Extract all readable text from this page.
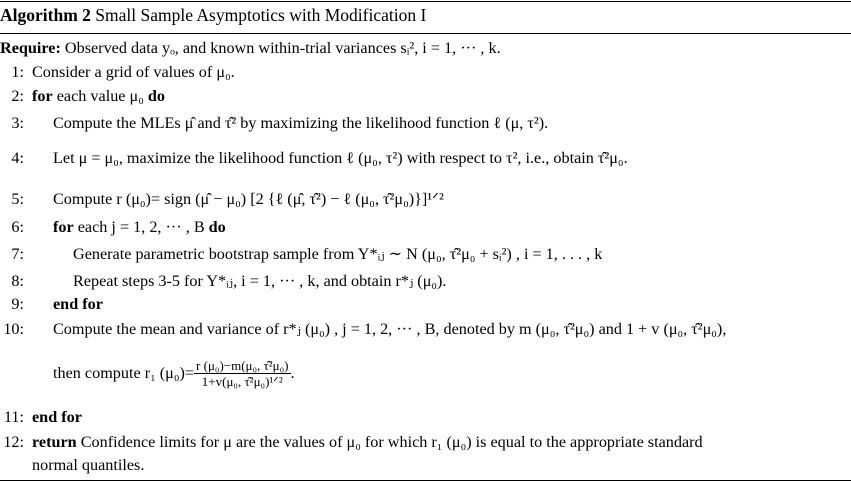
Algorithm 2 Small Sample Asymptotics with Modification I
Require: Observed data yₒ, and known within-trial variances sᵢ², i = 1, ··· , k.
1: Consider a grid of values of μ₀.
2: for each value μ₀ do
3: Compute the MLEs μ̂ and τ̂² by maximizing the likelihood function ℓ (μ, τ²).
4: Let μ = μ₀, maximize the likelihood function ℓ (μ₀, τ²) with respect to τ², i.e., obtain τ̂²μ₀.
5: Compute r (μ₀)= sign (μ̂ − μ₀) [2 {ℓ (μ̂, τ̂²) − ℓ (μ₀, τ̂²μ₀)}]¹ᐟ²
6: for each j = 1, 2, ··· , B do
7:	Generate parametric bootstrap sample from Y*ᵢⱼ ∼ N (μ₀, τ̂²μ₀ + sᵢ²) , i = 1, . . . , k
8:	Repeat steps 3-5 for Y*ᵢⱼ, i = 1, ··· , k, and obtain r*ⱼ (μ₀).
9: end for
10: Compute the mean and variance of r*ⱼ (μ₀) , j = 1, 2, ··· , B, denoted by m (μ₀, τ̂²μ₀) and 1 + v (μ₀, τ̂²μ₀),
then compute r₁ $(\mu_0)= \frac{\text{r (μ₀)−m(μ₀, τ̂²μ₀)}}{\text{1+v(μ₀, τ̂²μ₀)¹ᐟ²}}$ .
11: end for
12: return Confidence limits for μ are the values of μ₀ for which r₁ (μ₀) is equal to the appropriate standard
normal quantiles.
